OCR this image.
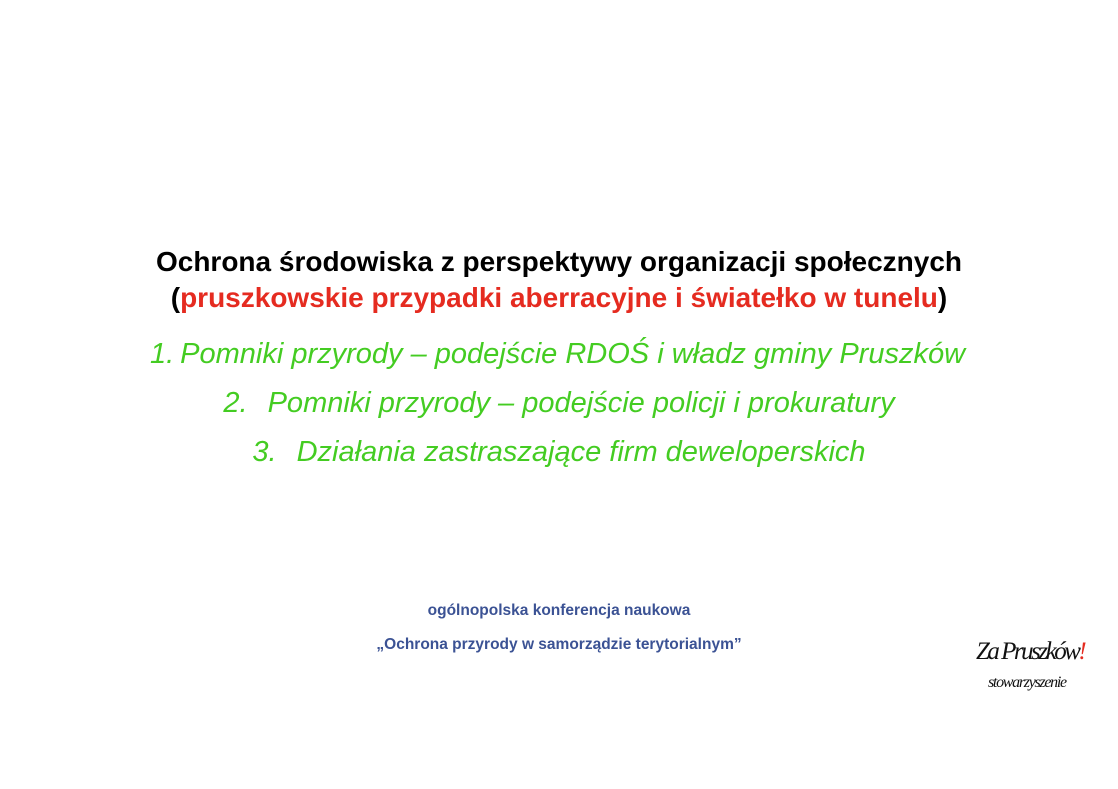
Ochrona środowiska z perspektywy organizacji społecznych
(pruszkowskie przypadki aberracyjne i światełko w tunelu)
1. Pomniki przyrody – podejście RDOŚ i władz gminy Pruszków
2. Pomniki przyrody – podejście policji i prokuratury
3. Działania zastraszające firm deweloperskich
ogólnopolska konferencja naukowa
„Ochrona przyrody w samorządzie terytorialnym”	Za Pruszków!
stowarzyszenie
